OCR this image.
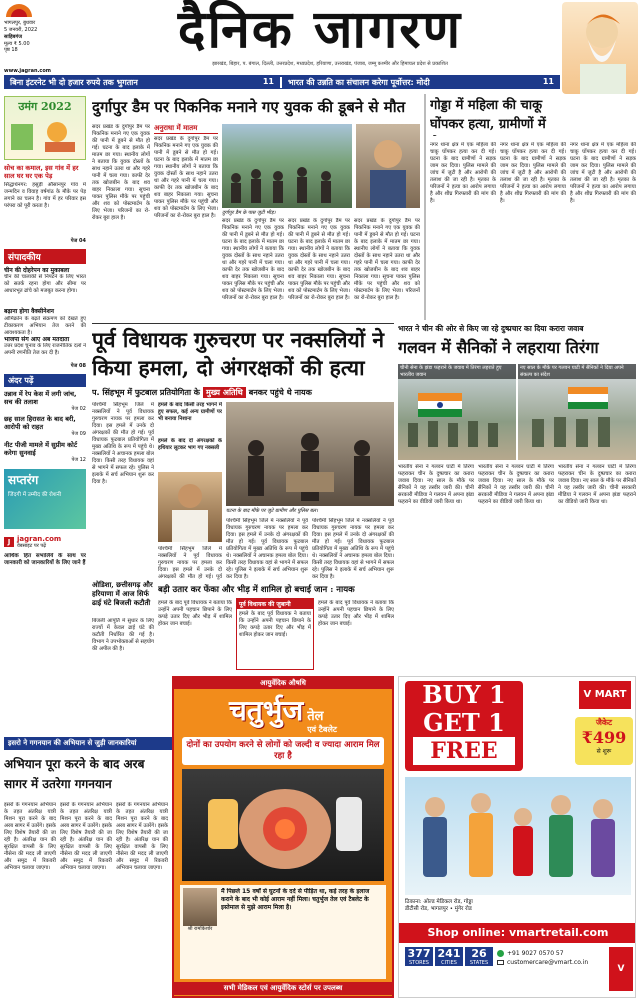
भागलपुर, बुधवार
5 जनवरी, 2022
साहिबगंज
मूल्य ₹ 5.00
पृष्ठ 18	दैनिक जागरण
झारखंड, बिहार, प. बंगाल, दिल्ली, उत्तरप्रदेश, मध्यप्रदेश, हरियाणा, उत्तराखंड, पंजाब, जम्मू कश्मीर और हिमाचल प्रदेश से प्रकाशित
www.jagran.com
बिना इंटरनेट भी दो हजार रुपये तक भुगतान	11 भारत की उन्नति का संचालन करेगा पूर्वोत्तर: मोदी	11
उमंग 2022
सोच का कमाल, इस गांव में हर साल घर घर एक पेड़
सिद्धार्थनगर: हसुड़ी औसानपुर गांव में जन्मदिन व विवाह वर्षगांठ के मौके पर पेड़ लगाने का चलन है। गांव में हर परिवार इस परंपरा को पूरी करता है।
पेज 04
संपादकीय
चीन की दोहरेपन का मुकाबला
चीन की चालाकी से निपटने के लिए भारत को सतर्क रहना होगा और सीमा पर आधारभूत ढांचे को मजबूत करना होगा।
बढ़ाना होगा वैक्सीनेशन
ओमिक्रोन के बढ़ते संक्रमण को देखते हुए टीकाकरण अभियान तेज करने की आवश्यकता है।
भाजपा संग आए अब मतदाता
उत्तर प्रदेश चुनाव के लिए राजनीतिक दलों ने अपनी रणनीति तेज कर दी है।
पेज 08
अंदर पढ़ें
उन्नाव में रेप केस में लगी जांच, सच की तलाश
पेज 02
छह साल हिरासत के बाद बरी, आरोपी को राहत
पेज 09
नीट पीजी मामले में सुप्रीम कोर्ट करेगा सुनवाई
पेज 12
सप्तरंग
जिंदगी में उम्मीद की रोशनी
J jagran.com
वेबसाइट पर पढ़ें
आर्थिक हित संभालिये के साथ पर जानकारी को जानकारियों के लिए जाने हैं
इसरो ने गगनयान की अभियान से जुड़ी जानकारियां
दुर्गापुर डैम पर पिकनिक मनाने गए युवक की डूबने से मौत
सदर प्रखंड के दुर्गापुर डैम पर पिकनिक मनाने गए एक युवक की पानी में डूबने से मौत हो गई। घटना के बाद इलाके में मातम छा गया। स्थानीय लोगों ने बताया कि युवक दोस्तों के साथ नहाने उतरा था और गहरे पानी में चला गया। काफी देर तक खोजबीन के बाद शव बाहर निकाला गया। सूचना पाकर पुलिस मौके पर पहुंची और शव को पोस्टमार्टम के लिए भेजा। परिजनों का रो-रोकर बुरा हाल है।
अनुराधा में मातम
सदर प्रखंड के दुर्गापुर डैम पर पिकनिक मनाने गए एक युवक की पानी में डूबने से मौत हो गई। घटना के बाद इलाके में मातम छा गया। स्थानीय लोगों ने बताया कि युवक दोस्तों के साथ नहाने उतरा था और गहरे पानी में चला गया। काफी देर तक खोजबीन के बाद शव बाहर निकाला गया। सूचना पाकर पुलिस मौके पर पहुंची और शव को पोस्टमार्टम के लिए भेजा। परिजनों का रो-रोकर बुरा हाल है।	दुर्गापुर डैम के पास जुटी भीड़।
सदर प्रखंड के दुर्गापुर डैम पर पिकनिक मनाने गए एक युवक की पानी में डूबने से मौत हो गई। घटना के बाद इलाके में मातम छा गया। स्थानीय लोगों ने बताया कि युवक दोस्तों के साथ नहाने उतरा था और गहरे पानी में चला गया। काफी देर तक खोजबीन के बाद शव बाहर निकाला गया। सूचना पाकर पुलिस मौके पर पहुंची और शव को पोस्टमार्टम के लिए भेजा। परिजनों का रो-रोकर बुरा हाल है।
सदर प्रखंड के दुर्गापुर डैम पर पिकनिक मनाने गए एक युवक की पानी में डूबने से मौत हो गई। घटना के बाद इलाके में मातम छा गया। स्थानीय लोगों ने बताया कि युवक दोस्तों के साथ नहाने उतरा था और गहरे पानी में चला गया। काफी देर तक खोजबीन के बाद शव बाहर निकाला गया। सूचना पाकर पुलिस मौके पर पहुंची और शव को पोस्टमार्टम के लिए भेजा। परिजनों का रो-रोकर बुरा हाल है।
सदर प्रखंड के दुर्गापुर डैम पर पिकनिक मनाने गए एक युवक की पानी में डूबने से मौत हो गई। घटना के बाद इलाके में मातम छा गया। स्थानीय लोगों ने बताया कि युवक दोस्तों के साथ नहाने उतरा था और गहरे पानी में चला गया। काफी देर तक खोजबीन के बाद शव बाहर निकाला गया। सूचना पाकर पुलिस मौके पर पहुंची और शव को पोस्टमार्टम के लिए भेजा। परिजनों का रो-रोकर बुरा हाल है।
गोड्डा में महिला की चाकू घोंपकर हत्या, ग्रामीणों में
नगर थाना क्षेत्र में एक महिला की चाकू घोंपकर हत्या कर दी गई। घटना के बाद ग्रामीणों ने सड़क जाम कर दिया। पुलिस मामले की जांच में जुटी है और आरोपी की तलाश की जा रही है। मृतका के परिजनों ने हत्या का आरोप लगाया है और शीघ्र गिरफ्तारी की मांग की है।
नगर थाना क्षेत्र में एक महिला की चाकू घोंपकर हत्या कर दी गई। घटना के बाद ग्रामीणों ने सड़क जाम कर दिया। पुलिस मामले की जांच में जुटी है और आरोपी की तलाश की जा रही है। मृतका के परिजनों ने हत्या का आरोप लगाया है और शीघ्र गिरफ्तारी की मांग की है।
नगर थाना क्षेत्र में एक महिला की चाकू घोंपकर हत्या कर दी गई। घटना के बाद ग्रामीणों ने सड़क जाम कर दिया। पुलिस मामले की जांच में जुटी है और आरोपी की तलाश की जा रही है। मृतका के परिजनों ने हत्या का आरोप लगाया है और शीघ्र गिरफ्तारी की मांग की है।
पूर्व विधायक गुरुचरण पर नक्सलियों ने किया हमला, दो अंगरक्षकों की हत्या
प. सिंहभूम में फुटबाल प्रतियोगिता के मुख्य अतिथि बनकर पहुंचे थे नायक
पश्चिमी सिंहभूम जिले में नक्सलियों ने पूर्व विधायक गुरुचरण नायक पर हमला कर दिया। इस हमले में उनके दो अंगरक्षकों की मौत हो गई। पूर्व विधायक फुटबाल प्रतियोगिता में मुख्य अतिथि के रूप में पहुंचे थे। नक्सलियों ने अचानक हमला बोल दिया। किसी तरह विधायक वहां से भागने में सफल रहे। पुलिस ने इलाके में सर्च अभियान शुरू कर दिया है।
हमले के बाद किसी तरह भागने में हुए सफल, कई अन्य ग्रामीणों पर भी बनाया निशाना
हमले के बाद दो अंगरक्षकों के हथियार लूटकर भाग गए नक्सली
पश्चिमी सिंहभूम जिले में नक्सलियों ने पूर्व विधायक गुरुचरण नायक पर हमला कर दिया। इस हमले में उनके दो अंगरक्षकों की मौत हो गई। पूर्व
घटना के बाद मौके पर जुटे ग्रामीण और पुलिस बल।
पश्चिमी सिंहभूम जिले में नक्सलियों ने पूर्व विधायक गुरुचरण नायक पर हमला कर दिया। इस हमले में उनके दो अंगरक्षकों की मौत हो गई। पूर्व विधायक फुटबाल प्रतियोगिता में मुख्य अतिथि के रूप में पहुंचे थे। नक्सलियों ने अचानक हमला बोल दिया। किसी तरह विधायक वहां से भागने में सफल रहे। पुलिस ने इलाके में सर्च अभियान शुरू कर दिया है।
पश्चिमी सिंहभूम जिले में नक्सलियों ने पूर्व विधायक गुरुचरण नायक पर हमला कर दिया। इस हमले में उनके दो अंगरक्षकों की मौत हो गई। पूर्व विधायक फुटबाल प्रतियोगिता में मुख्य अतिथि के रूप में पहुंचे थे। नक्सलियों ने अचानक हमला बोल दिया। किसी तरह विधायक वहां से भागने में सफल रहे। पुलिस ने इलाके में सर्च अभियान शुरू कर दिया है।
बड़ी उतार कर फेंका और भीड़ में शामिल हो बचाई जान : नायक
हमले के बाद पूर्व विधायक ने बताया कि उन्होंने अपनी पहचान छिपाने के लिए कपड़े उतार दिए और भीड़ में शामिल होकर जान बचाई।
पूर्व विधायक की जुबानी
हमले के बाद पूर्व विधायक ने बताया कि उन्होंने अपनी पहचान छिपाने के लिए कपड़े उतार दिए और भीड़ में शामिल होकर जान बचाई।
हमले के बाद पूर्व विधायक ने बताया कि उन्होंने अपनी पहचान छिपाने के लिए कपड़े उतार दिए और भीड़ में शामिल होकर जान बचाई।
ओडिशा, छत्तीसगढ़ और हरियाणा में आज सिर्फ ढाई घंटे बिजली कटौती
बिजली आपूर्ति में सुधार के लिए राज्यों में केवल ढाई घंटे की कटौती निर्धारित की गई है। विभाग ने उपभोक्ताओं से सहयोग की अपील की है।
भारत ने चीन की ओर से किए जा रहे दुष्प्रचार का दिया करारा जवाब
गलवन में सैनिकों ने लहराया तिरंगा
चीनी सेना के झंडा फहराने के जवाब में तिरंगा लहराते हुए भारतीय जवान
नए साल के मौके पर गलवन घाटी में सैनिकों ने दिया अपने संकल्प का संदेश
भारतीय सेना ने गलवन घाटी में तिरंगा फहराकर चीन के दुष्प्रचार का करारा जवाब दिया। नए साल के मौके पर सैनिकों ने यह तस्वीर जारी की। चीनी सरकारी मीडिया ने गलवन में अपना झंडा फहराने का वीडियो जारी किया था।
भारतीय सेना ने गलवन घाटी में तिरंगा फहराकर चीन के दुष्प्रचार का करारा जवाब दिया। नए साल के मौके पर सैनिकों ने यह तस्वीर जारी की। चीनी सरकारी मीडिया ने गलवन में अपना झंडा फहराने का वीडियो जारी किया था।
भारतीय सेना ने गलवन घाटी में तिरंगा फहराकर चीन के दुष्प्रचार का करारा जवाब दिया। नए साल के मौके पर सैनिकों ने यह तस्वीर जारी की। चीनी सरकारी मीडिया ने गलवन में अपना झंडा फहराने का वीडियो जारी किया था।
अभियान पूरा करने के बाद अरब सागर में उतरेगा गगनयान
इसरो के गगनयान अभियान के तहत अंतरिक्ष यात्री मिशन पूरा करने के बाद अरब सागर में उतरेंगे। इसके लिए विशेष तैयारी की जा रही है। अंतरिक्ष यान की सुरक्षित वापसी के लिए नौसेना की मदद ली जाएगी और समुद्र में रिकवरी अभियान चलाया जाएगा।
इसरो के गगनयान अभियान के तहत अंतरिक्ष यात्री मिशन पूरा करने के बाद अरब सागर में उतरेंगे। इसके लिए विशेष तैयारी की जा रही है। अंतरिक्ष यान की सुरक्षित वापसी के लिए नौसेना की मदद ली जाएगी और समुद्र में रिकवरी अभियान चलाया जाएगा।
इसरो के गगनयान अभियान के तहत अंतरिक्ष यात्री मिशन पूरा करने के बाद अरब सागर में उतरेंगे। इसके लिए विशेष तैयारी की जा रही है। अंतरिक्ष यान की सुरक्षित वापसी के लिए नौसेना की मदद ली जाएगी और समुद्र में रिकवरी अभियान चलाया जाएगा।
आयुर्वेदिक औषधि
चतुर्भुज तेल
एवं टैबलेट
दोनों का उपयोग करने से लोगों को जल्दी व ज्यादा आराम मिल रहा है
श्री रामकिशोर
मैं पिछले 15 वर्षों से घुटनों के दर्द से पीड़ित था, कई तरह के इलाज कराने के बाद भी कोई आराम नहीं मिला। चतुर्भुज तेल एवं टैबलेट के इस्तेमाल से मुझे आराम मिला है।
सभी मेडिकल एवं आयुर्वेदिक स्टोर्स पर उपलब्ध
BUY 1
GET 1
FREE
V MART
जैकेट
₹499
से शुरू
ठिकाना: ओल्ड मेडिकल रोड, गोड्डा
डीटीसी रोड, भागलपुर • मुंगेर रोड
Shop online: vmartretail.com
377
STORES
241
CITIES
26
STATES
+91 9027 0570 57
customercare@vmart.co.in
V
